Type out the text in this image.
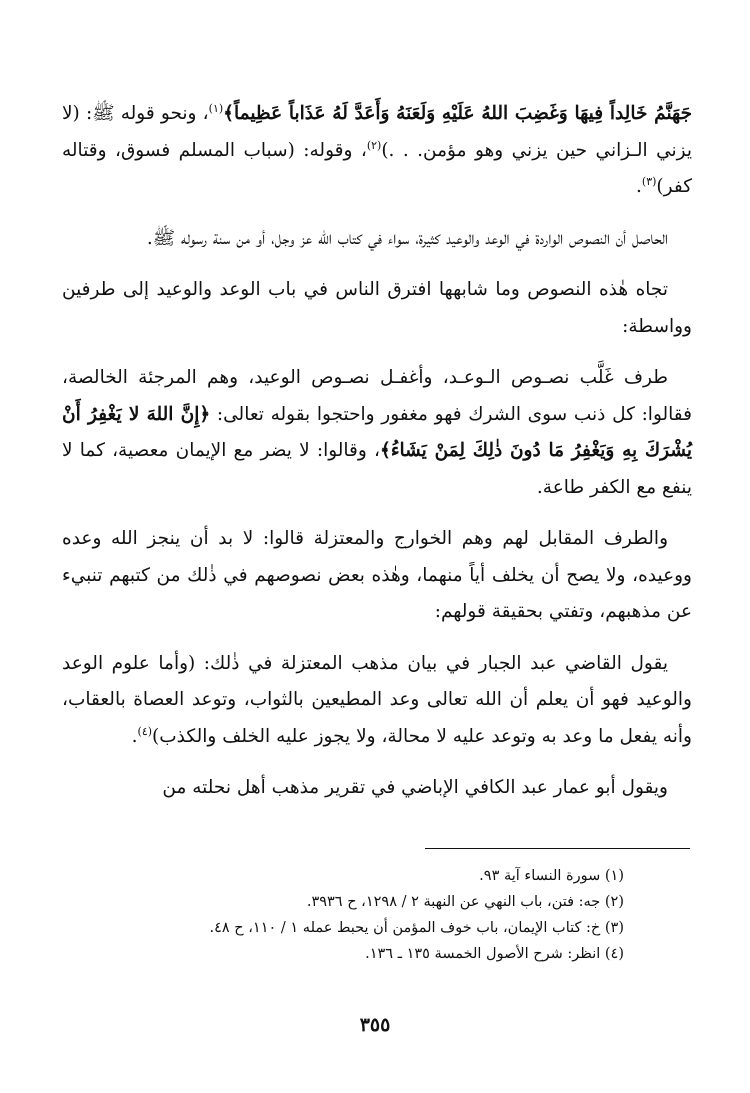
جَهَنَّمُ خَالِداً فِيهَا وَغَضِبَ اللهُ عَلَيْهِ وَلَعَنَهُ وَأَعَدَّ لَهُ عَذَاباً عَظِيماً﴾$^{(١)}$، ونحو قوله ﷺ: (لا يزني الـزاني حين يزني وهو مؤمن. . .)$^{(٢)}$، وقوله: (سباب المسلم فسوق، وقتاله كفر)$^{(٣)}$.

الحاصل أن النصوص الواردة في الوعد والوعيد كثيرة، سواء في كتاب الله عز وجل، أو من سنة رسوله ﷺ.

تجاه هٰذه النصوص وما شابهها افترق الناس في باب الوعد والوعيد إلى طرفين وواسطة:

طرف غَلَّب نصـوص الـوعـد، وأغفـل نصـوص الوعيد، وهم المرجئة الخالصة، فقالوا: كل ذنب سوى الشرك فهو مغفور واحتجوا بقوله تعالى: ﴿إِنَّ اللهَ لا يَغْفِرُ أَنْ يُشْرَكَ بِهِ وَيَغْفِرُ مَا دُونَ ذٰلِكَ لِمَنْ يَشَاءُ﴾، وقالوا: لا يضر مع الإيمان معصية، كما لا ينفع مع الكفر طاعة.

والطرف المقابل لهم وهم الخوارج والمعتزلة قالوا: لا بد أن ينجز الله وعده ووعيده، ولا يصح أن يخلف أياً منهما، وهٰذه بعض نصوصهم في ذٰلك من كتبهم تنبيء عن مذهبهم، وتفتي بحقيقة قولهم:

يقول القاضي عبد الجبار في بيان مذهب المعتزلة في ذٰلك: (وأما علوم الوعد والوعيد فهو أن يعلم أن الله تعالى وعد المطيعين بالثواب، وتوعد العصاة بالعقاب، وأنه يفعل ما وعد به وتوعد عليه لا محالة، ولا يجوز عليه الخلف والكذب)$^{(٤)}$.

ويقول أبو عمار عبد الكافي الإباضي في تقرير مذهب أهل نحلته من

(١) سورة النساء آية ٩٣.

(٢) جه: فتن، باب النهي عن النهبة ٢ / ١٢٩٨، ح ٣٩٣٦.

(٣) خ: كتاب الإيمان، باب خوف المؤمن أن يحبط عمله ١ / ١١٠، ح ٤٨.

(٤) انظر: شرح الأصول الخمسة ١٣٥ ـ ١٣٦.

٣٥٥
